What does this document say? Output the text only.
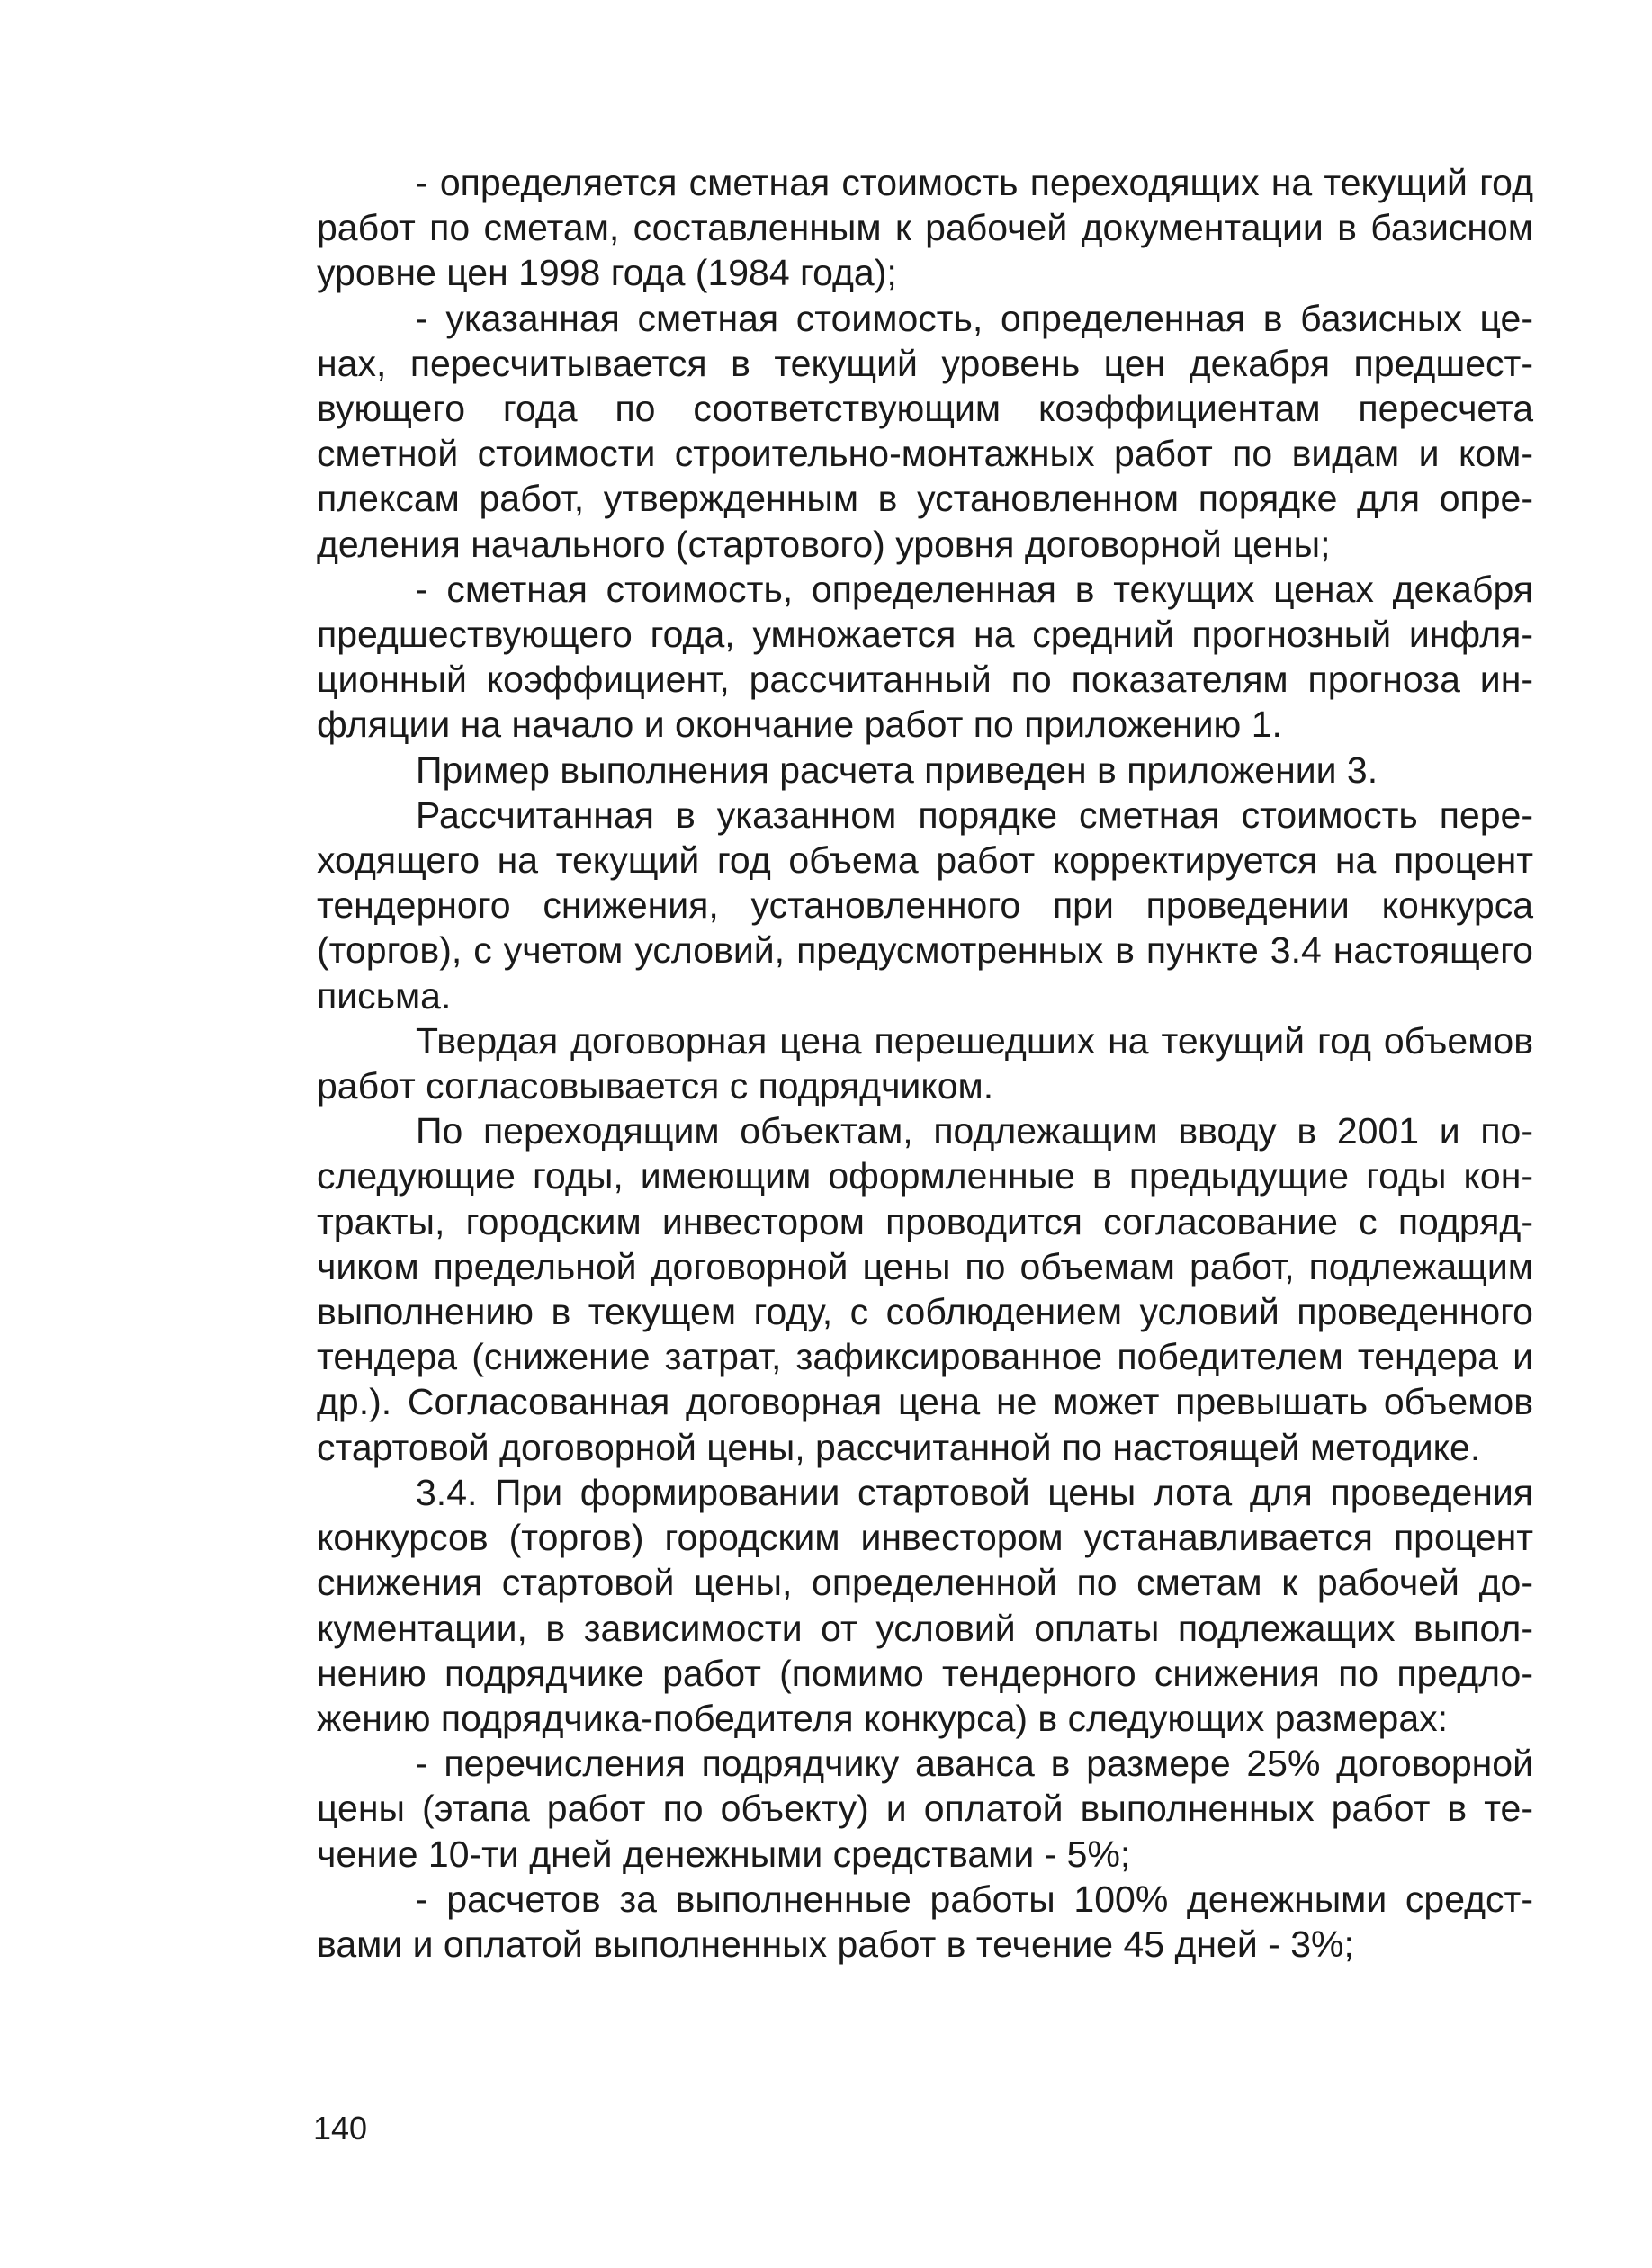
- определяется сметная стоимость переходящих на текущий год работ по сметам, составленным к рабочей документации в базисном уровне цен 1998 года (1984 года);

- указанная сметная стоимость, определенная в базисных ценах, пересчитывается в текущий уровень цен декабря предшествующего года по соответствующим коэффициентам пересчета сметной стоимости строительно-монтажных работ по видам и комплексам работ, утвержденным в установленном порядке для определения начального (стартового) уровня договорной цены;

- сметная стоимость, определенная в текущих ценах декабря предшествующего года, умножается на средний прогнозный инфляционный коэффициент, рассчитанный по показателям прогноза инфляции на начало и окончание работ по приложению 1.

Пример выполнения расчета приведен в приложении 3.

Рассчитанная в указанном порядке сметная стоимость переходящего на текущий год объема работ корректируется на процент тендерного снижения, установленного при проведении конкурса (торгов), с учетом условий, предусмотренных в пункте 3.4 настоящего письма.

Твердая договорная цена перешедших на текущий год объемов работ согласовывается с подрядчиком.

По переходящим объектам, подлежащим вводу в 2001 и последующие годы, имеющим оформленные в предыдущие годы контракты, городским инвестором проводится согласование с подрядчиком предельной договорной цены по объемам работ, подлежащим выполнению в текущем году, с соблюдением условий проведенного тендера (снижение затрат, зафиксированное победителем тендера и др.). Согласованная договорная цена не может превышать объемов стартовой договорной цены, рассчитанной по настоящей методике.

3.4. При формировании стартовой цены лота для проведения конкурсов (торгов) городским инвестором устанавливается процент снижения стартовой цены, определенной по сметам к рабочей документации, в зависимости от условий оплаты подлежащих выполнению подрядчике работ (помимо тендерного снижения по предложению подрядчика-победителя конкурса) в следующих размерах:

- перечисления подрядчику аванса в размере 25% договорной цены (этапа работ по объекту) и оплатой выполненных работ в течение 10-ти дней денежными средствами - 5%;

- расчетов за выполненные работы 100% денежными средствами и оплатой выполненных работ в течение 45 дней - 3%;

140
